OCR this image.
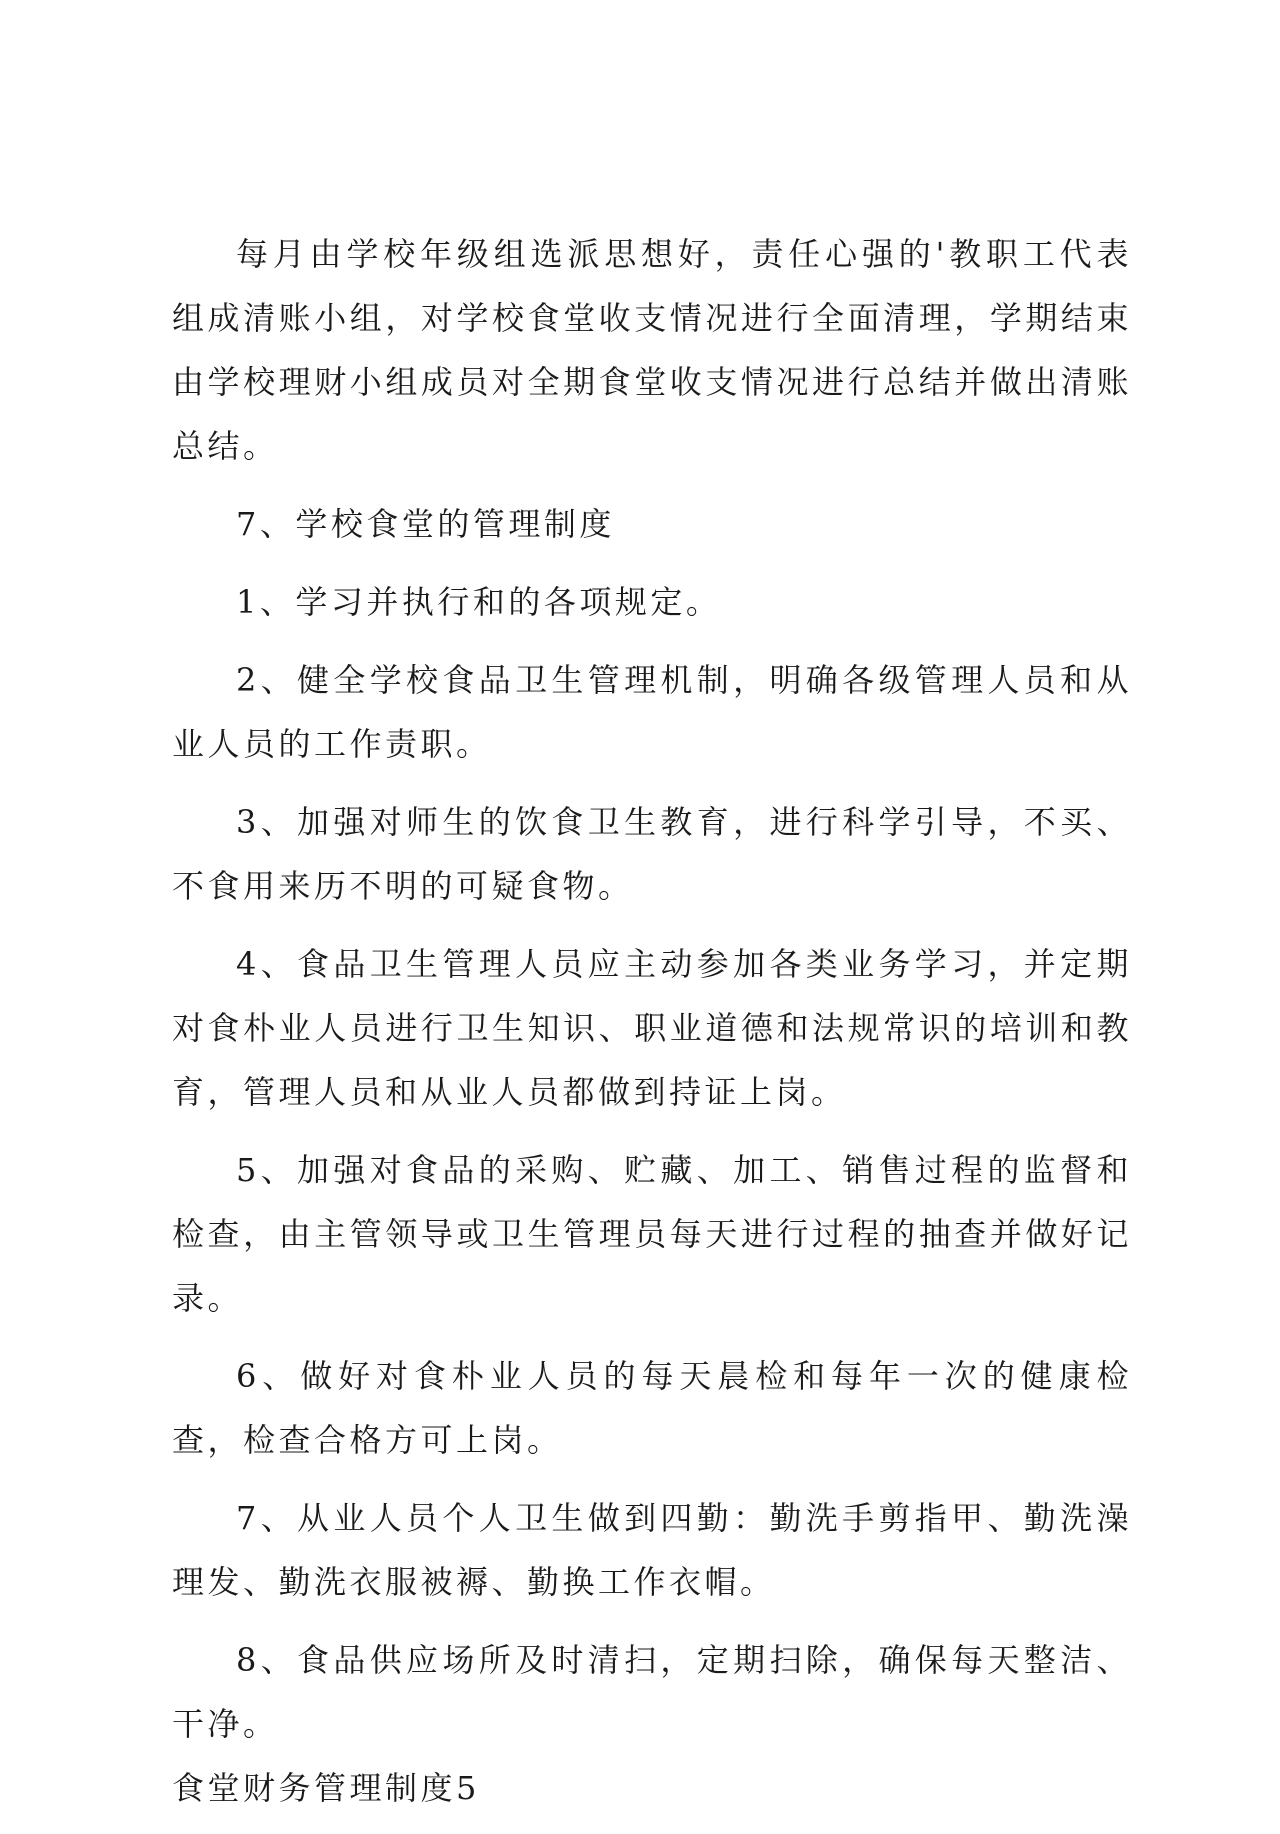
每月由学校年级组选派思想好，责任心强的'教职工代表组成清账小组，对学校食堂收支情况进行全面清理，学期结束由学校理财小组成员对全期食堂收支情况进行总结并做出清账总结。

7、学校食堂的管理制度

1、学习并执行和的各项规定。

2、健全学校食品卫生管理机制，明确各级管理人员和从业人员的工作责职。

3、加强对师生的饮食卫生教育，进行科学引导，不买、不食用来历不明的可疑食物。

4、食品卫生管理人员应主动参加各类业务学习，并定期对食朴业人员进行卫生知识、职业道德和法规常识的培训和教育，管理人员和从业人员都做到持证上岗。

5、加强对食品的采购、贮藏、加工、销售过程的监督和检查，由主管领导或卫生管理员每天进行过程的抽查并做好记录。

6、做好对食朴业人员的每天晨检和每年一次的健康检查，检查合格方可上岗。

7、从业人员个人卫生做到四勤：勤洗手剪指甲、勤洗澡理发、勤洗衣服被褥、勤换工作衣帽。

8、食品供应场所及时清扫，定期扫除，确保每天整洁、干净。

食堂财务管理制度5
